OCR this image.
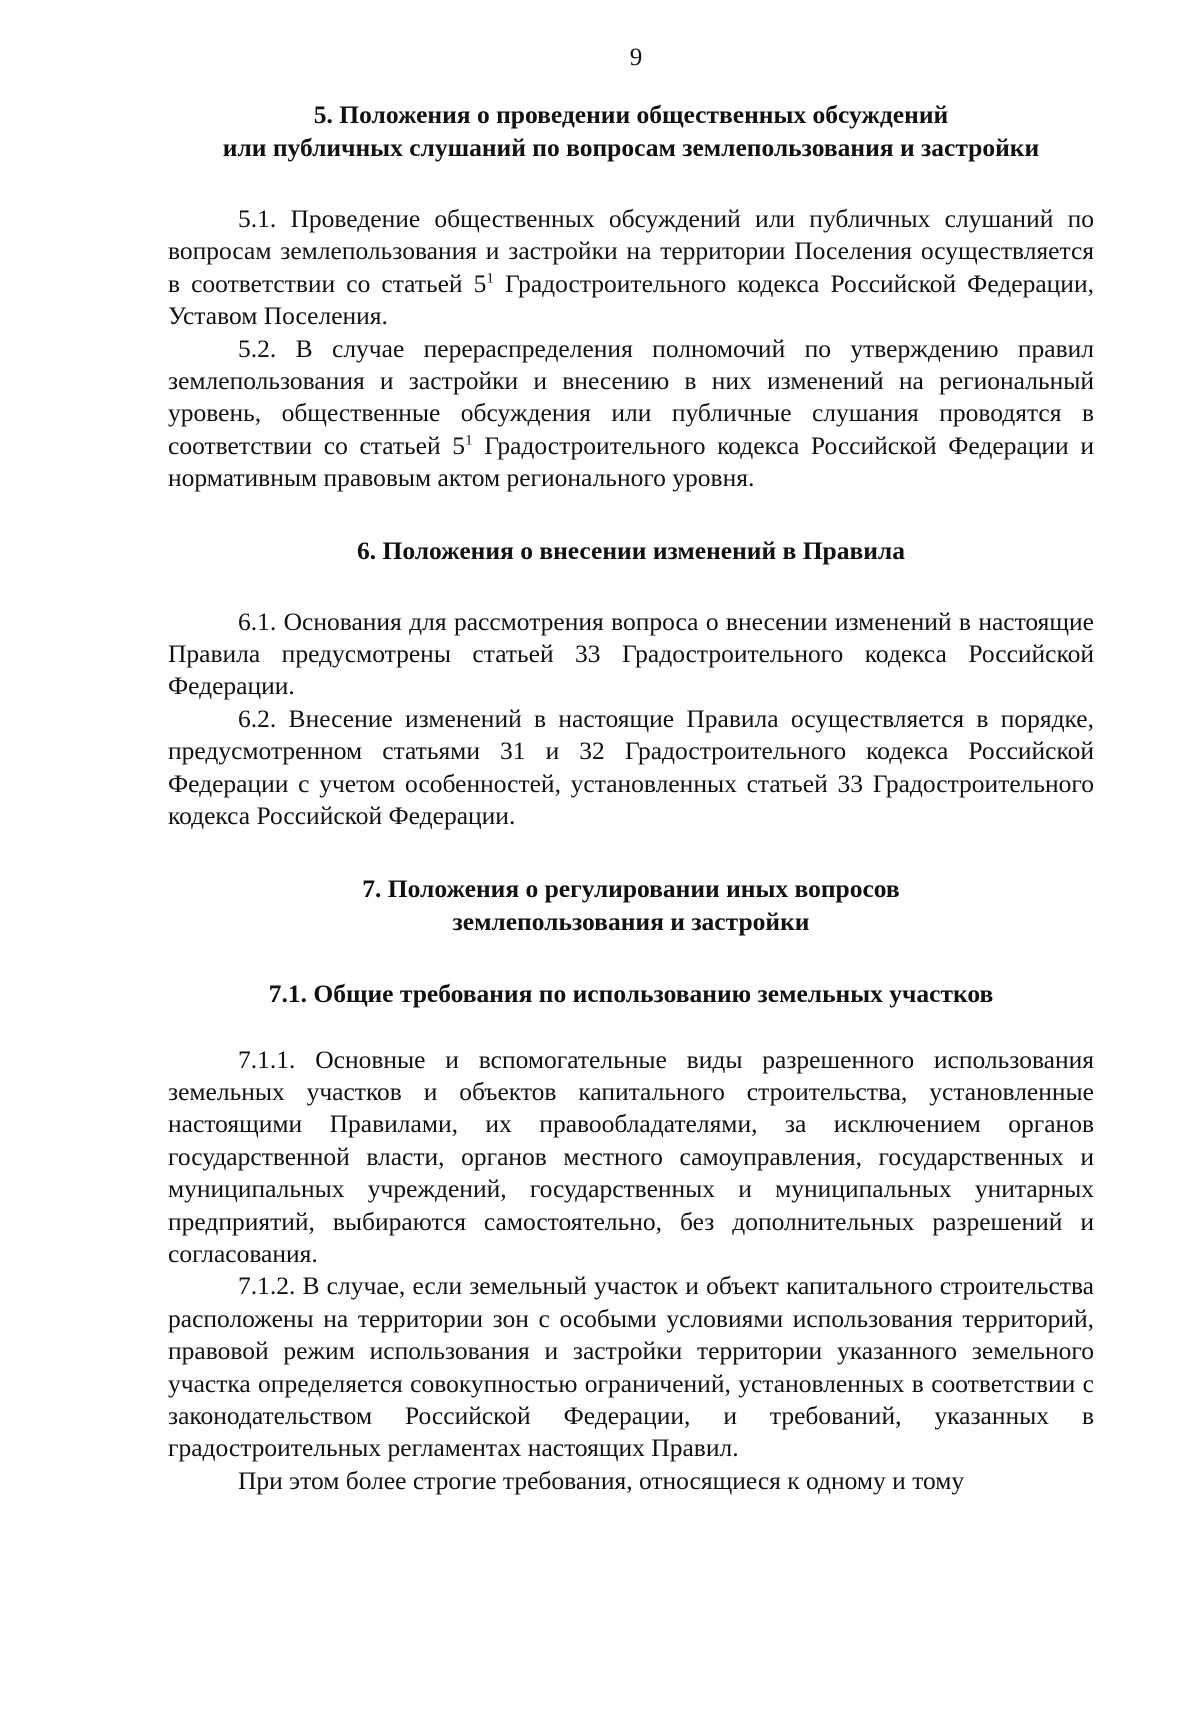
9
5. Положения о проведении общественных обсуждений
или публичных слушаний по вопросам землепользования и застройки

5.1. Проведение общественных обсуждений или публичных слушаний по вопросам землепользования и застройки на территории Поселения осуществляется в соответствии со статьей $5^1$ Градостроительного кодекса Российской Федерации, Уставом Поселения.

5.2. В случае перераспределения полномочий по утверждению правил землепользования и застройки и внесению в них изменений на региональный уровень, общественные обсуждения или публичные слушания проводятся в соответствии со статьей $5^1$ Градостроительного кодекса Российской Федерации и нормативным правовым актом регионального уровня.

6. Положения о внесении изменений в Правила

6.1. Основания для рассмотрения вопроса о внесении изменений в настоящие Правила предусмотрены статьей 33 Градостроительного кодекса Российской Федерации.

6.2. Внесение изменений в настоящие Правила осуществляется в порядке, предусмотренном статьями 31 и 32 Градостроительного кодекса Российской Федерации с учетом особенностей, установленных статьей 33 Градостроительного кодекса Российской Федерации.

7. Положения о регулировании иных вопросов
землепользования и застройки
7.1. Общие требования по использованию земельных участков

7.1.1. Основные и вспомогательные виды разрешенного использования земельных участков и объектов капитального строительства, установленные настоящими Правилами, их правообладателями, за исключением органов государственной власти, органов местного самоуправления, государственных и муниципальных учреждений, государственных и муниципальных унитарных предприятий, выбираются самостоятельно, без дополнительных разрешений и согласования.

7.1.2. В случае, если земельный участок и объект капитального строительства расположены на территории зон с особыми условиями использования территорий, правовой режим использования и застройки территории указанного земельного участка определяется совокупностью ограничений, установленных в соответствии с законодательством Российской Федерации, и требований, указанных в градостроительных регламентах настоящих Правил.

При этом более строгие требования, относящиеся к одному и тому
